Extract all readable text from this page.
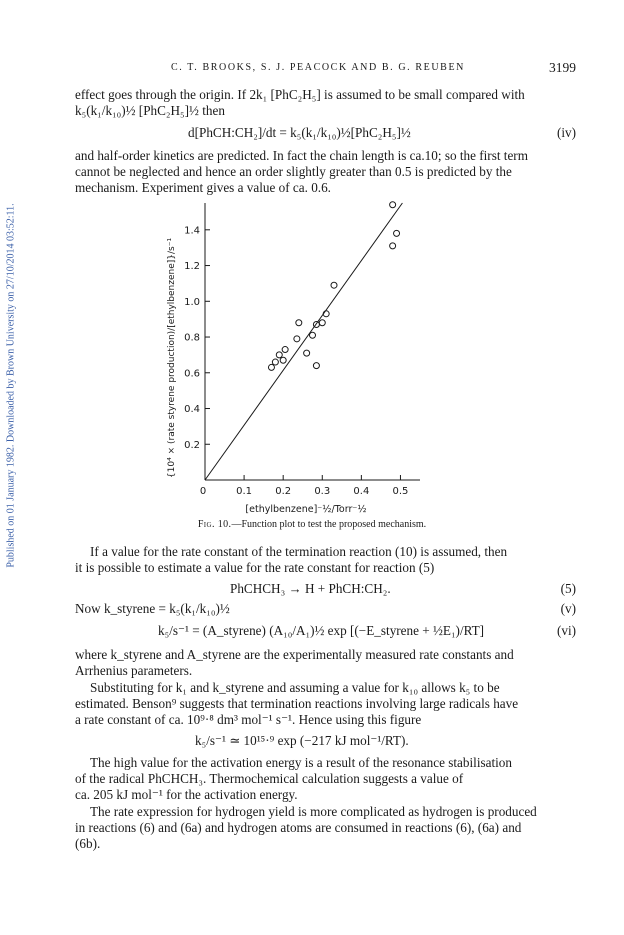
C. T. BROOKS, S. J. PEACOCK AND B. G. REUBEN	3199
Published on 01 January 1982. Downloaded by Brown University on 27/10/2014 03:52:11.
effect goes through the origin. If 2k₁ [PhC₂H₅] is assumed to be small compared with
k₅(k₁/k₁₀)½ [PhC₂H₅]½ then
d[PhCH:CH₂]/dt = k₅(k₁/k₁₀)½[PhC₂H₅]½	(iv)
and half-order kinetics are predicted. In fact the chain length is ca.10; so the first term
cannot be neglected and hence an order slightly greater than 0.5 is predicted by the
mechanism. Experiment gives a value of ca. 0.6.
0	0.1 0.2 0.3 0.4 0.5
0.2
0.4
0.6
0.8
1.0
1.2
1.4
[ethylbenzene]⁻½/Torr⁻½
{10⁴ × (rate styrene production)/[ethylbenzene]}/s⁻¹
Fig. 10.—Function plot to test the proposed mechanism.
If a value for the rate constant of the termination reaction (10) is assumed, then
it is possible to estimate a value for the rate constant for reaction (5)
PhCHCH₃ → H + PhCH:CH₂.	(5)
Now k_styrene = k₅(k₁/k₁₀)½	(v)
k₅/s⁻¹ = (A_styrene) (A₁₀/A₁)½ exp [(−E_styrene + ½E₁)/RT]	(vi)
where k_styrene and A_styrene are the experimentally measured rate constants and
Arrhenius parameters.
Substituting for k₁ and k_styrene and assuming a value for k₁₀ allows k₅ to be
estimated. Benson⁹ suggests that termination reactions involving large radicals have
a rate constant of ca. 10⁹·⁸ dm³ mol⁻¹ s⁻¹. Hence using this figure
k₅/s⁻¹ ≃ 10¹⁵·⁹ exp (−217 kJ mol⁻¹/RT).
The high value for the activation energy is a result of the resonance stabilisation
of the radical PhCHCH₃. Thermochemical calculation suggests a value of
ca. 205 kJ mol⁻¹ for the activation energy.
The rate expression for hydrogen yield is more complicated as hydrogen is produced
in reactions (6) and (6a) and hydrogen atoms are consumed in reactions (6), (6a) and
(6b).
